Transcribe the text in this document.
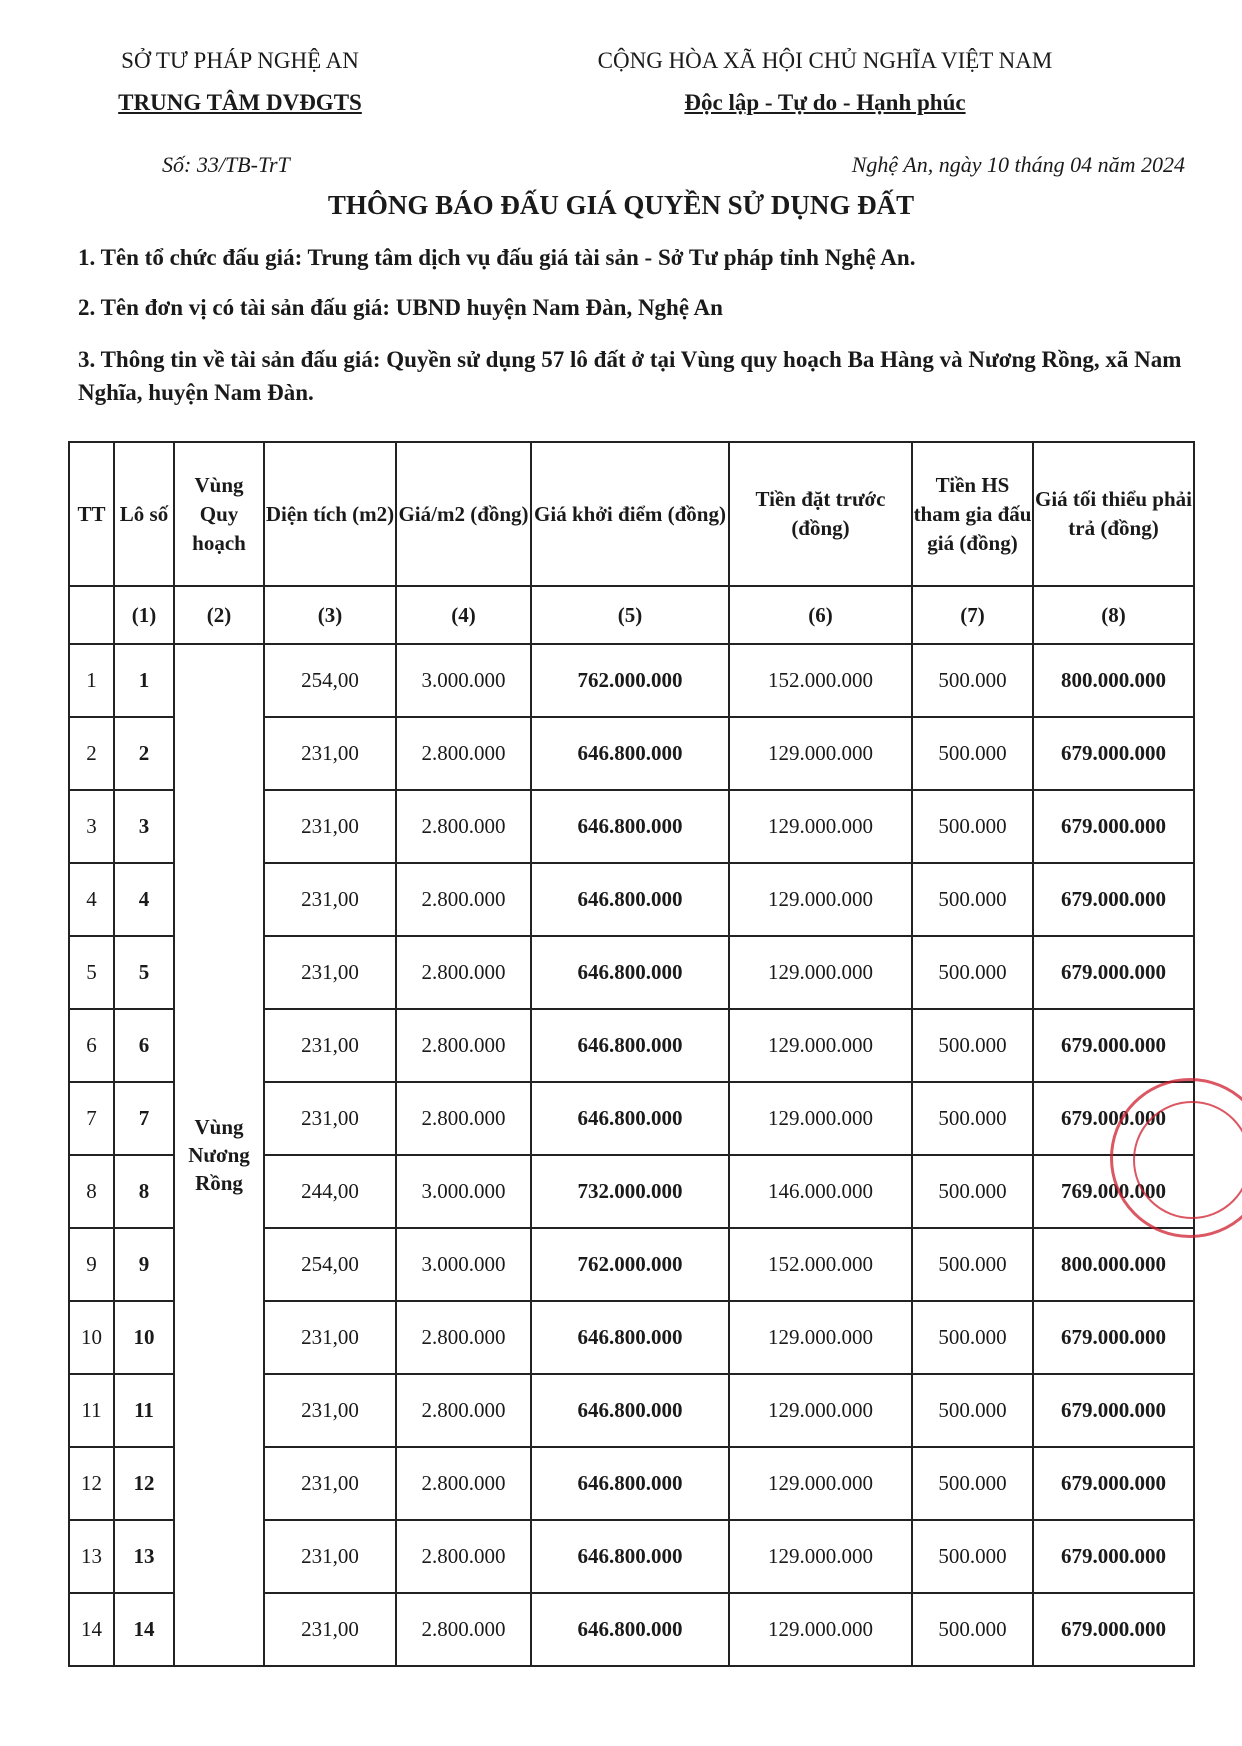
SỞ TƯ PHÁP NGHỆ AN
TRUNG TÂM DVĐGTS
CỘNG HÒA XÃ HỘI CHỦ NGHĨA VIỆT NAM
Độc lập - Tự do - Hạnh phúc
Số: 33/TB-TrT	Nghệ An, ngày 10 tháng 04 năm 2024
THÔNG BÁO ĐẤU GIÁ QUYỀN SỬ DỤNG ĐẤT
1. Tên tổ chức đấu giá: Trung tâm dịch vụ đấu giá tài sản - Sở Tư pháp tỉnh Nghệ An.
2. Tên đơn vị có tài sản đấu giá: UBND huyện Nam Đàn, Nghệ An
3. Thông tin về tài sản đấu giá: Quyền sử dụng 57 lô đất ở tại Vùng quy hoạch Ba Hàng và Nương Rồng, xã Nam Nghĩa, huyện Nam Đàn.
TT	Lô số	Vùng Quy hoạch	Diện tích (m2)	Giá/m2 (đồng)	Giá khởi điểm (đồng)	Tiền đặt trước (đồng)	Tiền HS tham gia đấu giá (đồng)	Giá tối thiểu phải trả (đồng)
	(1)	(2)	(3)	(4)	(5)	(6)	(7)	(8)
1	1	Vùng Nương Rồng	254,00	3.000.000	762.000.000	152.000.000	500.000	800.000.000
2	2		231,00	2.800.000	646.800.000	129.000.000	500.000	679.000.000
3	3		231,00	2.800.000	646.800.000	129.000.000	500.000	679.000.000
4	4		231,00	2.800.000	646.800.000	129.000.000	500.000	679.000.000
5	5		231,00	2.800.000	646.800.000	129.000.000	500.000	679.000.000
6	6		231,00	2.800.000	646.800.000	129.000.000	500.000	679.000.000
7	7		231,00	2.800.000	646.800.000	129.000.000	500.000	679.000.000
8	8		244,00	3.000.000	732.000.000	146.000.000	500.000	769.000.000
9	9		254,00	3.000.000	762.000.000	152.000.000	500.000	800.000.000
10	10		231,00	2.800.000	646.800.000	129.000.000	500.000	679.000.000
11	11		231,00	2.800.000	646.800.000	129.000.000	500.000	679.000.000
12	12		231,00	2.800.000	646.800.000	129.000.000	500.000	679.000.000
13	13		231,00	2.800.000	646.800.000	129.000.000	500.000	679.000.000
14	14		231,00	2.800.000	646.800.000	129.000.000	500.000	679.000.000
